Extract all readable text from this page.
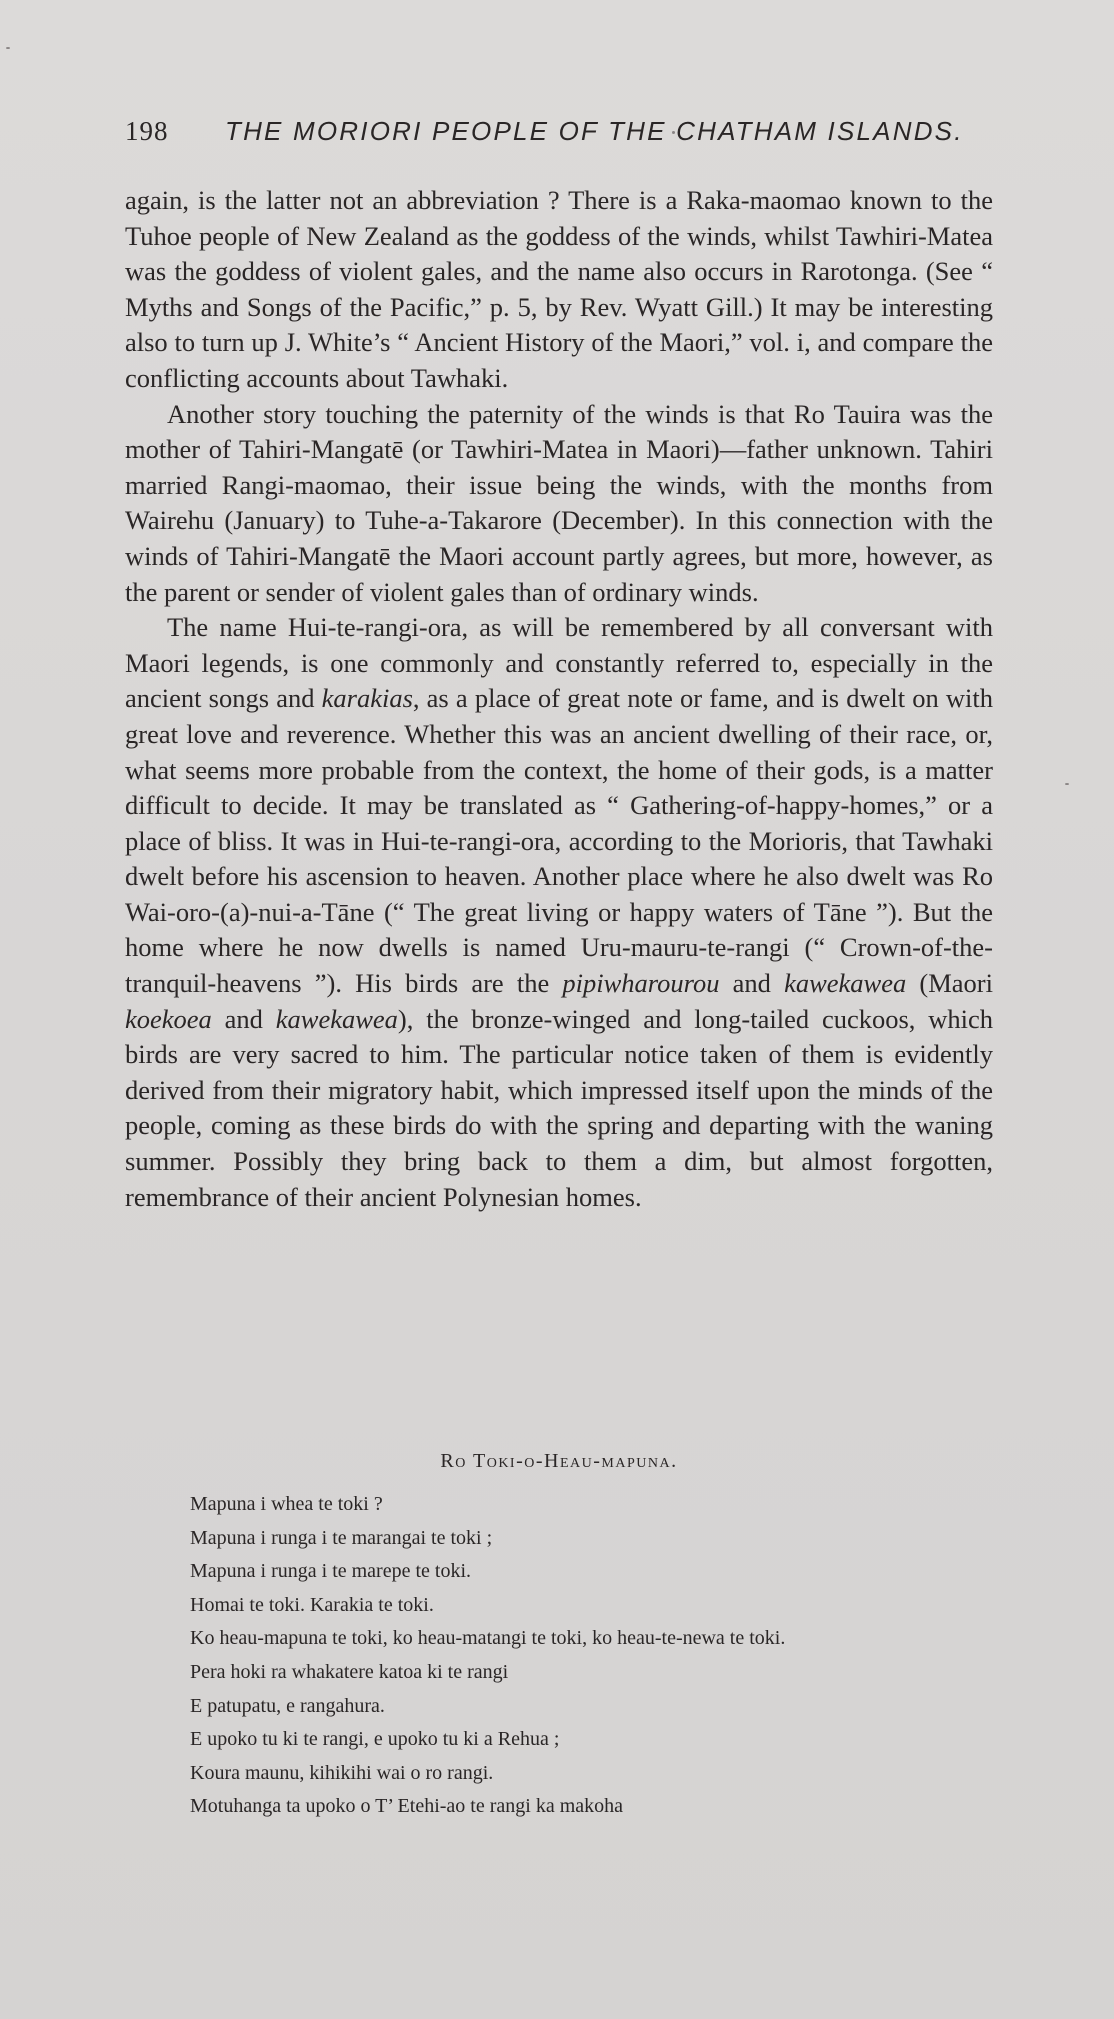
198 THE MORIORI PEOPLE OF THE CHATHAM ISLANDS.

again, is the latter not an abbreviation ? There is a Raka-maomao known to the Tuhoe people of New Zealand as the goddess of the winds, whilst Tawhiri-Matea was the goddess of violent gales, and the name also occurs in Rarotonga. (See “ Myths and Songs of the Pacific,” p. 5, by Rev. Wyatt Gill.) It may be interesting also to turn up J. White’s “ Ancient History of the Maori,” vol. i, and compare the conflicting accounts about Tawhaki.

Another story touching the paternity of the winds is that Ro Tauira was the mother of Tahiri-Mangatē (or Tawhiri-Matea in Maori)—father unknown. Tahiri married Rangi-maomao, their issue being the winds, with the months from Wairehu (January) to Tuhe-a-Takarore (December). In this connection with the winds of Tahiri-Mangatē the Maori account partly agrees, but more, however, as the parent or sender of violent gales than of ordinary winds.

The name Hui-te-rangi-ora, as will be remembered by all conversant with Maori legends, is one commonly and constantly referred to, especially in the ancient songs and karakias, as a place of great note or fame, and is dwelt on with great love and reverence. Whether this was an ancient dwelling of their race, or, what seems more probable from the context, the home of their gods, is a matter difficult to decide. It may be translated as “ Gathering-of-happy-homes,” or a place of bliss. It was in Hui-te-rangi-ora, according to the Morioris, that Tawhaki dwelt before his ascension to heaven. Another place where he also dwelt was Ro Wai-oro-(a)-nui-a-Tāne (“ The great living or happy waters of Tāne ”). But the home where he now dwells is named Uru-mauru-te-rangi (“ Crown-of-the-tranquil-heavens ”). His birds are the pipiwharourou and kawekawea (Maori koekoea and kawekawea), the bronze-winged and long-tailed cuckoos, which birds are very sacred to him. The particular notice taken of them is evidently derived from their migratory habit, which impressed itself upon the minds of the people, coming as these birds do with the spring and departing with the waning summer. Possibly they bring back to them a dim, but almost forgotten, remembrance of their ancient Polynesian homes.

Ro Toki-o-Heau-mapuna.
Mapuna i whea te toki ?
Mapuna i runga i te marangai te toki ;
Mapuna i runga i te marepe te toki.
Homai te toki. Karakia te toki.
Ko heau-mapuna te toki, ko heau-matangi te toki, ko heau-te-newa te toki.
Pera hoki ra whakatere katoa ki te rangi
E patupatu, e rangahura.
E upoko tu ki te rangi, e upoko tu ki a Rehua ;
Koura maunu, kihikihi wai o ro rangi.
Motuhanga ta upoko o T’ Etehi-ao te rangi ka makoha
